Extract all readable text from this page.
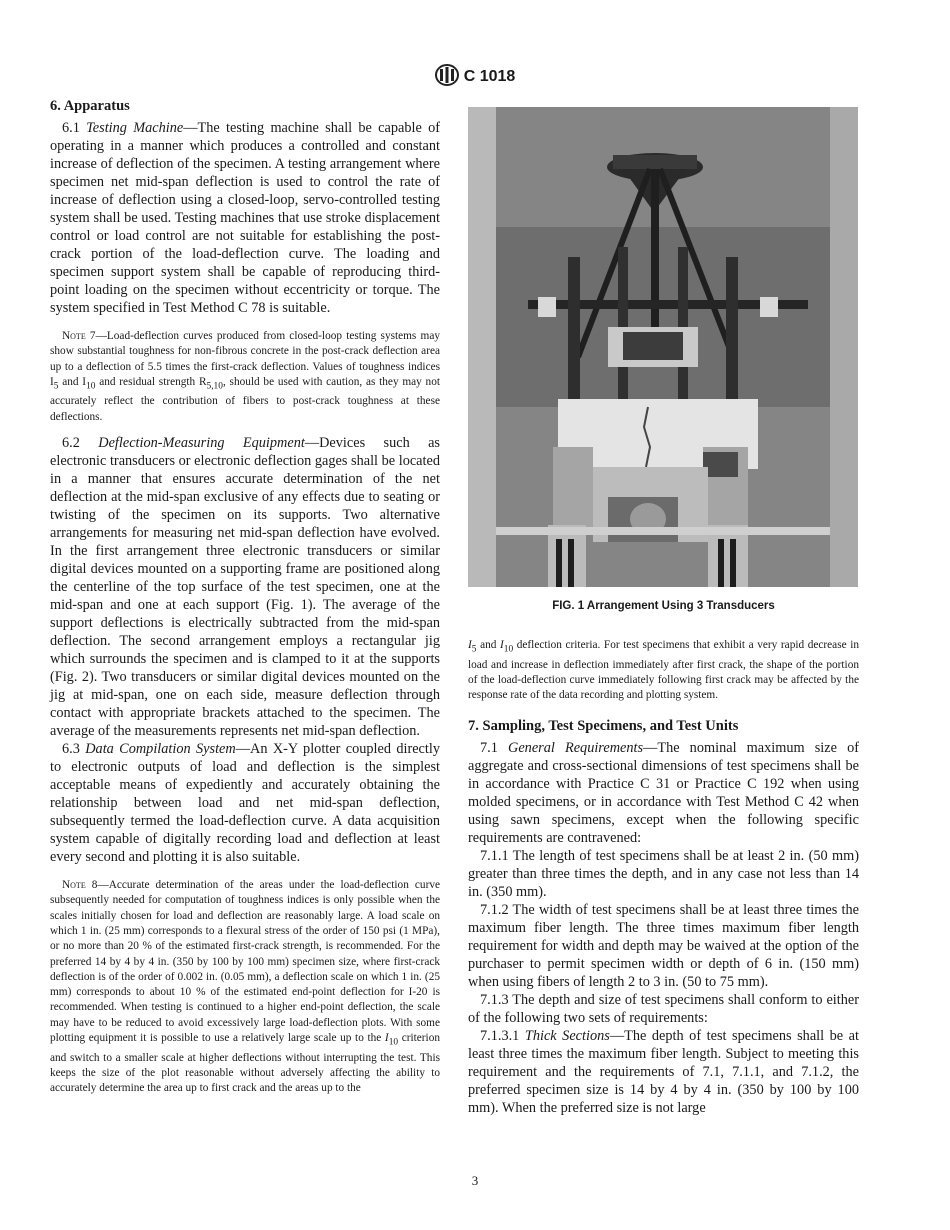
C 1018
6. Apparatus

6.1 Testing Machine—The testing machine shall be capable of operating in a manner which produces a controlled and constant increase of deflection of the specimen. A testing arrangement where specimen net mid-span deflection is used to control the rate of increase of deflection using a closed-loop, servo-controlled testing system shall be used. Testing machines that use stroke displacement control or load control are not suitable for establishing the post-crack portion of the load-deflection curve. The loading and specimen support system shall be capable of reproducing third-point loading on the specimen without eccentricity or torque. The system specified in Test Method C 78 is suitable.

Note 7—Load-deflection curves produced from closed-loop testing systems may show substantial toughness for non-fibrous concrete in the post-crack deflection area up to a deflection of 5.5 times the first-crack deflection. Values of toughness indices $I_5$ and $I_{10}$ and residual strength $R_{5,10}$, should be used with caution, as they may not accurately reflect the contribution of fibers to post-crack toughness at these deflections.

6.2 Deflection-Measuring Equipment—Devices such as electronic transducers or electronic deflection gages shall be located in a manner that ensures accurate determination of the net deflection at the mid-span exclusive of any effects due to seating or twisting of the specimen on its supports. Two alternative arrangements for measuring net mid-span deflection have evolved. In the first arrangement three electronic transducers or similar digital devices mounted on a supporting frame are positioned along the centerline of the top surface of the test specimen, one at the mid-span and one at each support (Fig. 1). The average of the support deflections is electrically subtracted from the mid-span deflection. The second arrangement employs a rectangular jig which surrounds the specimen and is clamped to it at the supports (Fig. 2). Two transducers or similar digital devices mounted on the jig at mid-span, one on each side, measure deflection through contact with appropriate brackets attached to the specimen. The average of the measurements represents net mid-span deflection.

6.3 Data Compilation System—An X-Y plotter coupled directly to electronic outputs of load and deflection is the simplest acceptable means of expediently and accurately obtaining the relationship between load and net mid-span deflection, subsequently termed the load-deflection curve. A data acquisition system capable of digitally recording load and deflection at least every second and plotting it is also suitable.

Note 8—Accurate determination of the areas under the load-deflection curve subsequently needed for computation of toughness indices is only possible when the scales initially chosen for load and deflection are reasonably large. A load scale on which 1 in. (25 mm) corresponds to a flexural stress of the order of 150 psi (1 MPa), or no more than 20 % of the estimated first-crack strength, is recommended. For the preferred 14 by 4 by 4 in. (350 by 100 by 100 mm) specimen size, where first-crack deflection is of the order of 0.002 in. (0.05 mm), a deflection scale on which 1 in. (25 mm) corresponds to about 10 % of the estimated end-point deflection for I-20 is recommended. When testing is continued to a higher end-point deflection, the scale may have to be reduced to avoid excessively large load-deflection plots. With some plotting equipment it is possible to use a relatively large scale up to the $I_{10}$ criterion and switch to a smaller scale at higher deflections without interrupting the test. This keeps the size of the plot reasonable without adversely affecting the ability to accurately determine the area up to first crack and the areas up to the

FIG. 1 Arrangement Using 3 Transducers

$I_5$ and $I_{10}$ deflection criteria. For test specimens that exhibit a very rapid decrease in load and increase in deflection immediately after first crack, the shape of the portion of the load-deflection curve immediately following first crack may be affected by the response rate of the data recording and plotting system.

7. Sampling, Test Specimens, and Test Units

7.1 General Requirements—The nominal maximum size of aggregate and cross-sectional dimensions of test specimens shall be in accordance with Practice C 31 or Practice C 192 when using molded specimens, or in accordance with Test Method C 42 when using sawn specimens, except when the following specific requirements are contravened:

7.1.1 The length of test specimens shall be at least 2 in. (50 mm) greater than three times the depth, and in any case not less than 14 in. (350 mm).

7.1.2 The width of test specimens shall be at least three times the maximum fiber length. The three times maximum fiber length requirement for width and depth may be waived at the option of the purchaser to permit specimen width or depth of 6 in. (150 mm) when using fibers of length 2 to 3 in. (50 to 75 mm).

7.1.3 The depth and size of test specimens shall conform to either of the following two sets of requirements:

7.1.3.1 Thick Sections—The depth of test specimens shall be at least three times the maximum fiber length. Subject to meeting this requirement and the requirements of 7.1, 7.1.1, and 7.1.2, the preferred specimen size is 14 by 4 by 4 in. (350 by 100 by 100 mm). When the preferred size is not large

3
